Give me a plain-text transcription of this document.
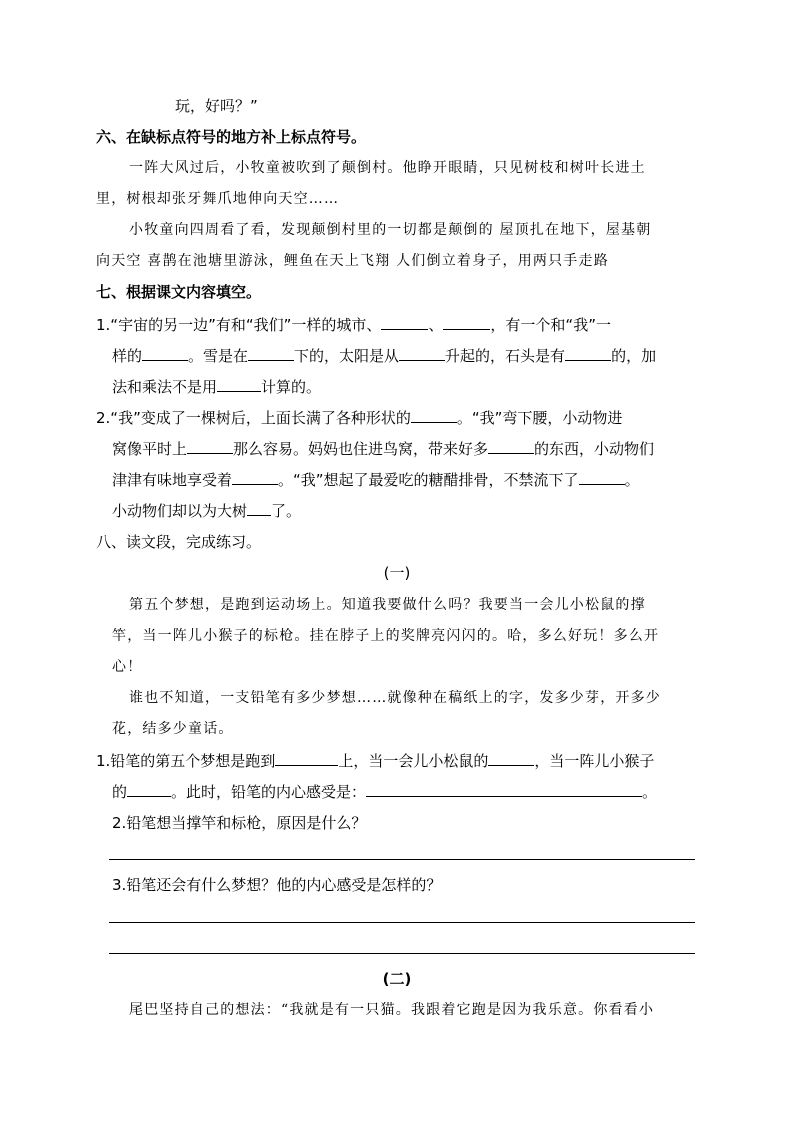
玩，好吗？”
六、在缺标点符号的地方补上标点符号。
一阵大风过后，小牧童被吹到了颠倒村。他睁开眼睛，只见树枝和树叶长进土
里，树根却张牙舞爪地伸向天空……
小牧童向四周看了看，发现颠倒村里的一切都是颠倒的 屋顶扎在地下，屋基朝
向天空 喜鹊在池塘里游泳，鲤鱼在天上飞翔 人们倒立着身子，用两只手走路
七、根据课文内容填空。
1.“宇宙的另一边”有和“我们”一样的城市、	、	，有一个和“我”一
样的	。雪是在	下的，太阳是从	升起的，石头是有	的，加
法和乘法不是用	计算的。
2.“我”变成了一棵树后，上面长满了各种形状的	。“我”弯下腰，小动物进
窝像平时上	那么容易。妈妈也住进鸟窝，带来好多	的东西，小动物们
津津有味地享受着	。“我”想起了最爱吃的糖醋排骨，不禁流下了	。
小动物们却以为大树 了。
八、读文段，完成练习。
(一)
第五个梦想，是跑到运动场上。知道我要做什么吗？我要当一会儿小松鼠的撑
竿，当一阵儿小猴子的标枪。挂在脖子上的奖牌亮闪闪的。哈，多么好玩！多么开
心！
谁也不知道，一支铅笔有多少梦想……就像种在稿纸上的字，发多少芽，开多少
花，结多少童话。
1.铅笔的第五个梦想是跑到	上，当一会儿小松鼠的	，当一阵儿小猴子
的	。此时，铅笔的内心感受是：	。
2.铅笔想当撑竿和标枪，原因是什么？
3.铅笔还会有什么梦想？他的内心感受是怎样的？
(二)
尾巴坚持自己的想法：“我就是有一只猫。我跟着它跑是因为我乐意。你看看小
